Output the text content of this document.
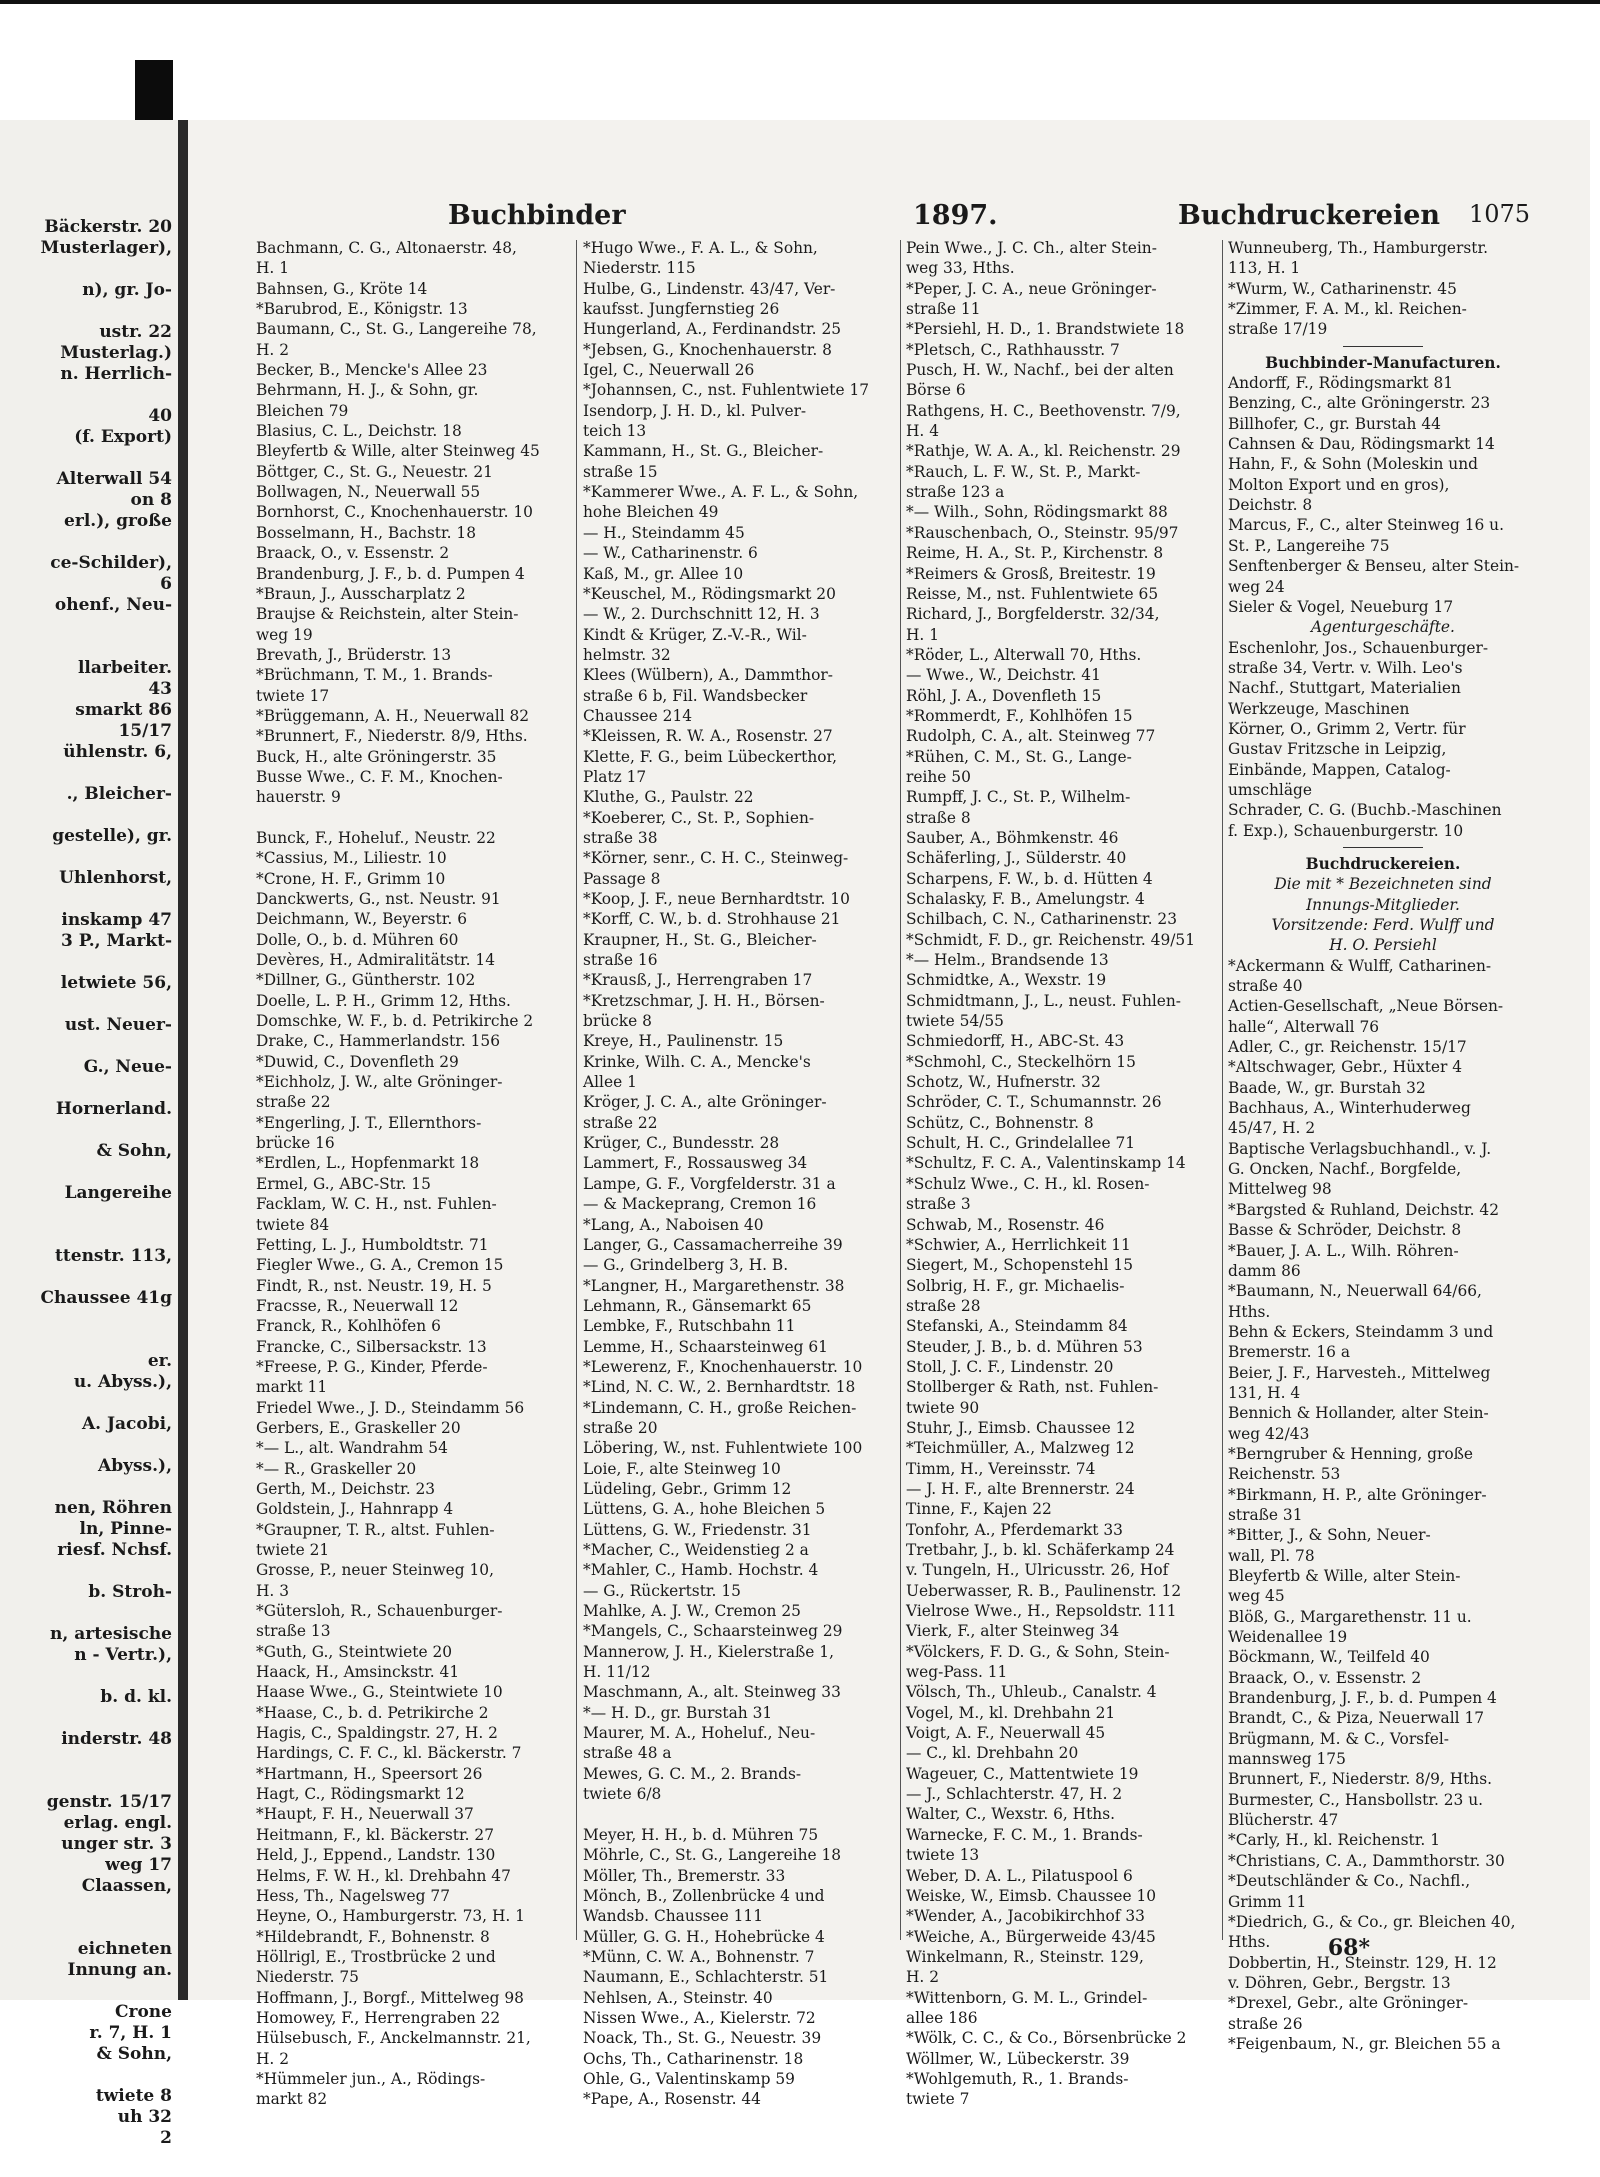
Bäckerstr. 20
Musterlager),
n), gr. Jo-
ustr. 22
Musterlag.)
n. Herrlich-
40
(f. Export)
Alterwall 54
on 8
erl.), große
ce-Schilder),
6
ohenf., Neu-
llarbeiter.
43
smarkt 86
15/17
ühlenstr. 6,
., Bleicher-
gestelle), gr.
Uhlenhorst,
inskamp 47
3 P., Markt-
letwiete 56,
ust. Neuer-
G., Neue-
Hornerland.
& Sohn,
Langereihe
ttenstr. 113,
Chaussee 41g
er.
u. Abyss.),
A. Jacobi,
Abyss.),
nen, Röhren
ln, Pinne-
riesf. Nchsf.
b. Stroh-
n, artesische
n - Vertr.),
b. d. kl.
inderstr. 48
genstr. 15/17
erlag. engl.
unger str. 3
weg 17
Claassen,
eichneten
Innung an.
Crone
r. 7, H. 1
& Sohn,
twiete 8
uh 32
2
Buchbinder	1897.	Buchdruckereien 1075
Bachmann, C. G., Altonaerstr. 48,
H. 1
Bahnsen, G., Kröte 14
*Barubrod, E., Königstr. 13
Baumann, C., St. G., Langereihe 78,
H. 2
Becker, B., Mencke's Allee 23
Behrmann, H. J., & Sohn, gr.
Bleichen 79
Blasius, C. L., Deichstr. 18
Bleyfertb & Wille, alter Steinweg 45
Böttger, C., St. G., Neuestr. 21
Bollwagen, N., Neuerwall 55
Bornhorst, C., Knochenhauerstr. 10
Bosselmann, H., Bachstr. 18
Braack, O., v. Essenstr. 2
Brandenburg, J. F., b. d. Pumpen 4
*Braun, J., Ausscharplatz 2
Braujse & Reichstein, alter Stein-
weg 19
Brevath, J., Brüderstr. 13
*Brüchmann, T. M., 1. Brands-
twiete 17
*Brüggemann, A. H., Neuerwall 82
*Brunnert, F., Niederstr. 8/9, Hths.
Buck, H., alte Gröningerstr. 35
Busse Wwe., C. F. M., Knochen-
hauerstr. 9

Bunck, F., Hoheluf., Neustr. 22
*Cassius, M., Liliestr. 10
*Crone, H. F., Grimm 10
Danckwerts, G., nst. Neustr. 91
Deichmann, W., Beyerstr. 6
Dolle, O., b. d. Mühren 60
Devères, H., Admiralitätstr. 14
*Dillner, G., Güntherstr. 102
Doelle, L. P. H., Grimm 12, Hths.
Domschke, W. F., b. d. Petrikirche 2
Drake, C., Hammerlandstr. 156
*Duwid, C., Dovenfleth 29
*Eichholz, J. W., alte Gröninger-
straße 22
*Engerling, J. T., Ellernthors-
brücke 16
*Erdlen, L., Hopfenmarkt 18
Ermel, G., ABC-Str. 15
Facklam, W. C. H., nst. Fuhlen-
twiete 84
Fetting, L. J., Humboldtstr. 71
Fiegler Wwe., G. A., Cremon 15
Findt, R., nst. Neustr. 19, H. 5
Fracsse, R., Neuerwall 12
Franck, R., Kohlhöfen 6
Francke, C., Silbersackstr. 13
*Freese, P. G., Kinder, Pferde-
markt 11
Friedel Wwe., J. D., Steindamm 56
Gerbers, E., Graskeller 20
*— L., alt. Wandrahm 54
*— R., Graskeller 20
Gerth, M., Deichstr. 23
Goldstein, J., Hahnrapp 4
*Graupner, T. R., altst. Fuhlen-
twiete 21
Grosse, P., neuer Steinweg 10,
H. 3
*Gütersloh, R., Schauenburger-
straße 13
*Guth, G., Steintwiete 20
Haack, H., Amsinckstr. 41
Haase Wwe., G., Steintwiete 10
*Haase, C., b. d. Petrikirche 2
Hagis, C., Spaldingstr. 27, H. 2
Hardings, C. F. C., kl. Bäckerstr. 7
*Hartmann, H., Speersort 26
Hagt, C., Rödingsmarkt 12
*Haupt, F. H., Neuerwall 37
Heitmann, F., kl. Bäckerstr. 27
Held, J., Eppend., Landstr. 130
Helms, F. W. H., kl. Drehbahn 47
Hess, Th., Nagelsweg 77
Heyne, O., Hamburgerstr. 73, H. 1
*Hildebrandt, F., Bohnenstr. 8
Höllrigl, E., Trostbrücke 2 und
Niederstr. 75
Hoffmann, J., Borgf., Mittelweg 98
Homowey, F., Herrengraben 22
Hülsebusch, F., Anckelmannstr. 21,
H. 2
*Hümmeler jun., A., Rödings-
markt 82
*Hugo Wwe., F. A. L., & Sohn,
Niederstr. 115
Hulbe, G., Lindenstr. 43/47, Ver-
kaufsst. Jungfernstieg 26
Hungerland, A., Ferdinandstr. 25
*Jebsen, G., Knochenhauerstr. 8
Igel, C., Neuerwall 26
*Johannsen, C., nst. Fuhlentwiete 17
Isendorp, J. H. D., kl. Pulver-
teich 13
Kammann, H., St. G., Bleicher-
straße 15
*Kammerer Wwe., A. F. L., & Sohn,
hohe Bleichen 49
— H., Steindamm 45
— W., Catharinenstr. 6
Kaß, M., gr. Allee 10
*Keuschel, M., Rödingsmarkt 20
— W., 2. Durchschnitt 12, H. 3
Kindt & Krüger, Z.-V.-R., Wil-
helmstr. 32
Klees (Wülbern), A., Dammthor-
straße 6 b, Fil. Wandsbecker
Chaussee 214
*Kleissen, R. W. A., Rosenstr. 27
Klette, F. G., beim Lübeckerthor,
Platz 17
Kluthe, G., Paulstr. 22
*Koeberer, C., St. P., Sophien-
straße 38
*Körner, senr., C. H. C., Steinweg-
Passage 8
*Koop, J. F., neue Bernhardtstr. 10
*Korff, C. W., b. d. Strohhause 21
Kraupner, H., St. G., Bleicher-
straße 16
*Krausß, J., Herrengraben 17
*Kretzschmar, J. H. H., Börsen-
brücke 8
Kreye, H., Paulinenstr. 15
Krinke, Wilh. C. A., Mencke's
Allee 1
Kröger, J. C. A., alte Gröninger-
straße 22
Krüger, C., Bundesstr. 28
Lammert, F., Rossausweg 34
Lampe, G. F., Vorgfelderstr. 31 a
— & Mackeprang, Cremon 16
*Lang, A., Naboisen 40
Langer, G., Cassamacherreihe 39
— G., Grindelberg 3, H. B.
*Langner, H., Margarethenstr. 38
Lehmann, R., Gänsemarkt 65
Lembke, F., Rutschbahn 11
Lemme, H., Schaarsteinweg 61
*Lewerenz, F., Knochenhauerstr. 10
*Lind, N. C. W., 2. Bernhardtstr. 18
*Lindemann, C. H., große Reichen-
straße 20
Löbering, W., nst. Fuhlentwiete 100
Loie, F., alte Steinweg 10
Lüdeling, Gebr., Grimm 12
Lüttens, G. A., hohe Bleichen 5
Lüttens, G. W., Friedenstr. 31
*Macher, C., Weidenstieg 2 a
*Mahler, C., Hamb. Hochstr. 4
— G., Rückertstr. 15
Mahlke, A. J. W., Cremon 25
*Mangels, C., Schaarsteinweg 29
Mannerow, J. H., Kielerstraße 1,
H. 11/12
Maschmann, A., alt. Steinweg 33
*— H. D., gr. Burstah 31
Maurer, M. A., Hoheluf., Neu-
straße 48 a
Mewes, G. C. M., 2. Brands-
twiete 6/8

Meyer, H. H., b. d. Mühren 75
Möhrle, C., St. G., Langereihe 18
Möller, Th., Bremerstr. 33
Mönch, B., Zollenbrücke 4 und
Wandsb. Chaussee 111
Müller, G. G. H., Hohebrücke 4
*Münn, C. W. A., Bohnenstr. 7
Naumann, E., Schlachterstr. 51
Nehlsen, A., Steinstr. 40
Nissen Wwe., A., Kielerstr. 72
Noack, Th., St. G., Neuestr. 39
Ochs, Th., Catharinenstr. 18
Ohle, G., Valentinskamp 59
*Pape, A., Rosenstr. 44
Pein Wwe., J. C. Ch., alter Stein-
weg 33, Hths.
*Peper, J. C. A., neue Gröninger-
straße 11
*Persiehl, H. D., 1. Brandstwiete 18
*Pletsch, C., Rathhausstr. 7
Pusch, H. W., Nachf., bei der alten
Börse 6
Rathgens, H. C., Beethovenstr. 7/9,
H. 4
*Rathje, W. A. A., kl. Reichenstr. 29
*Rauch, L. F. W., St. P., Markt-
straße 123 a
*— Wilh., Sohn, Rödingsmarkt 88
*Rauschenbach, O., Steinstr. 95/97
Reime, H. A., St. P., Kirchenstr. 8
*Reimers & Grosß, Breitestr. 19
Reisse, M., nst. Fuhlentwiete 65
Richard, J., Borgfelderstr. 32/34,
H. 1
*Röder, L., Alterwall 70, Hths.
— Wwe., W., Deichstr. 41
Röhl, J. A., Dovenfleth 15
*Rommerdt, F., Kohlhöfen 15
Rudolph, C. A., alt. Steinweg 77
*Rühen, C. M., St. G., Lange-
reihe 50
Rumpff, J. C., St. P., Wilhelm-
straße 8
Sauber, A., Böhmkenstr. 46
Schäferling, J., Sülderstr. 40
Scharpens, F. W., b. d. Hütten 4
Schalasky, F. B., Amelungstr. 4
Schilbach, C. N., Catharinenstr. 23
*Schmidt, F. D., gr. Reichenstr. 49/51
*— Helm., Brandsende 13
Schmidtke, A., Wexstr. 19
Schmidtmann, J., L., neust. Fuhlen-
twiete 54/55
Schmiedorff, H., ABC-St. 43
*Schmohl, C., Steckelhörn 15
Schotz, W., Hufnerstr. 32
Schröder, C. T., Schumannstr. 26
Schütz, C., Bohnenstr. 8
Schult, H. C., Grindelallee 71
*Schultz, F. C. A., Valentinskamp 14
*Schulz Wwe., C. H., kl. Rosen-
straße 3
Schwab, M., Rosenstr. 46
*Schwier, A., Herrlichkeit 11
Siegert, M., Schopenstehl 15
Solbrig, H. F., gr. Michaelis-
straße 28
Stefanski, A., Steindamm 84
Steuder, J. B., b. d. Mühren 53
Stoll, J. C. F., Lindenstr. 20
Stollberger & Rath, nst. Fuhlen-
twiete 90
Stuhr, J., Eimsb. Chaussee 12
*Teichmüller, A., Malzweg 12
Timm, H., Vereinsstr. 74
— J. H. F., alte Brennerstr. 24
Tinne, F., Kajen 22
Tonfohr, A., Pferdemarkt 33
Tretbahr, J., b. kl. Schäferkamp 24
v. Tungeln, H., Ulricusstr. 26, Hof
Ueberwasser, R. B., Paulinenstr. 12
Vielrose Wwe., H., Repsoldstr. 111
Vierk, F., alter Steinweg 34
*Völckers, F. D. G., & Sohn, Stein-
weg-Pass. 11
Völsch, Th., Uhleub., Canalstr. 4
Vogel, M., kl. Drehbahn 21
Voigt, A. F., Neuerwall 45
— C., kl. Drehbahn 20
Wageuer, C., Mattentwiete 19
— J., Schlachterstr. 47, H. 2
Walter, C., Wexstr. 6, Hths.
Warnecke, F. C. M., 1. Brands-
twiete 13
Weber, D. A. L., Pilatuspool 6
Weiske, W., Eimsb. Chaussee 10
*Wender, A., Jacobikirchhof 33
*Weiche, A., Bürgerweide 43/45
Winkelmann, R., Steinstr. 129,
H. 2
*Wittenborn, G. M. L., Grindel-
allee 186
*Wölk, C. C., & Co., Börsenbrücke 2
Wöllmer, W., Lübeckerstr. 39
*Wohlgemuth, R., 1. Brands-
twiete 7
Wunneuberg, Th., Hamburgerstr.
113, H. 1
*Wurm, W., Catharinenstr. 45
*Zimmer, F. A. M., kl. Reichen-
straße 17/19
Buchbinder-Manufacturen.
Andorff, F., Rödingsmarkt 81
Benzing, C., alte Gröningerstr. 23
Billhofer, C., gr. Burstah 44
Cahnsen & Dau, Rödingsmarkt 14
Hahn, F., & Sohn (Moleskin und
Molton Export und en gros),
Deichstr. 8
Marcus, F., C., alter Steinweg 16 u.
St. P., Langereihe 75
Senftenberger & Benseu, alter Stein-
weg 24
Sieler & Vogel, Neueburg 17
Agenturgeschäfte.
Eschenlohr, Jos., Schauenburger-
straße 34, Vertr. v. Wilh. Leo's
Nachf., Stuttgart, Materialien
Werkzeuge, Maschinen
Körner, O., Grimm 2, Vertr. für
Gustav Fritzsche in Leipzig,
Einbände, Mappen, Catalog-
umschläge
Schrader, C. G. (Buchb.-Maschinen
f. Exp.), Schauenburgerstr. 10
Buchdruckereien.
Die mit * Bezeichneten sind
Innungs-Mitglieder.
Vorsitzende: Ferd. Wulff und
H. O. Persiehl
*Ackermann & Wulff, Catharinen-
straße 40
Actien-Gesellschaft, „Neue Börsen-
halle“, Alterwall 76
Adler, C., gr. Reichenstr. 15/17
*Altschwager, Gebr., Hüxter 4
Baade, W., gr. Burstah 32
Bachhaus, A., Winterhuderweg
45/47, H. 2
Baptische Verlagsbuchhandl., v. J.
G. Oncken, Nachf., Borgfelde,
Mittelweg 98
*Bargsted & Ruhland, Deichstr. 42
Basse & Schröder, Deichstr. 8
*Bauer, J. A. L., Wilh. Röhren-
damm 86
*Baumann, N., Neuerwall 64/66,
Hths.
Behn & Eckers, Steindamm 3 und
Bremerstr. 16 a
Beier, J. F., Harvesteh., Mittelweg
131, H. 4
Bennich & Hollander, alter Stein-
weg 42/43
*Berngruber & Henning, große
Reichenstr. 53
*Birkmann, H. P., alte Gröninger-
straße 31
*Bitter, J., & Sohn, Neuer-
wall, Pl. 78
Bleyfertb & Wille, alter Stein-
weg 45
Blöß, G., Margarethenstr. 11 u.
Weidenallee 19
Böckmann, W., Teilfeld 40
Braack, O., v. Essenstr. 2
Brandenburg, J. F., b. d. Pumpen 4
Brandt, C., & Piza, Neuerwall 17
Brügmann, M. & C., Vorsfel-
mannsweg 175
Brunnert, F., Niederstr. 8/9, Hths.
Burmester, C., Hansbollstr. 23 u.
Blücherstr. 47
*Carly, H., kl. Reichenstr. 1
*Christians, C. A., Dammthorstr. 30
*Deutschländer & Co., Nachfl.,
Grimm 11
*Diedrich, G., & Co., gr. Bleichen 40,
Hths.
Dobbertin, H., Steinstr. 129, H. 12
v. Döhren, Gebr., Bergstr. 13
*Drexel, Gebr., alte Gröninger-
straße 26
*Feigenbaum, N., gr. Bleichen 55 a
68*
